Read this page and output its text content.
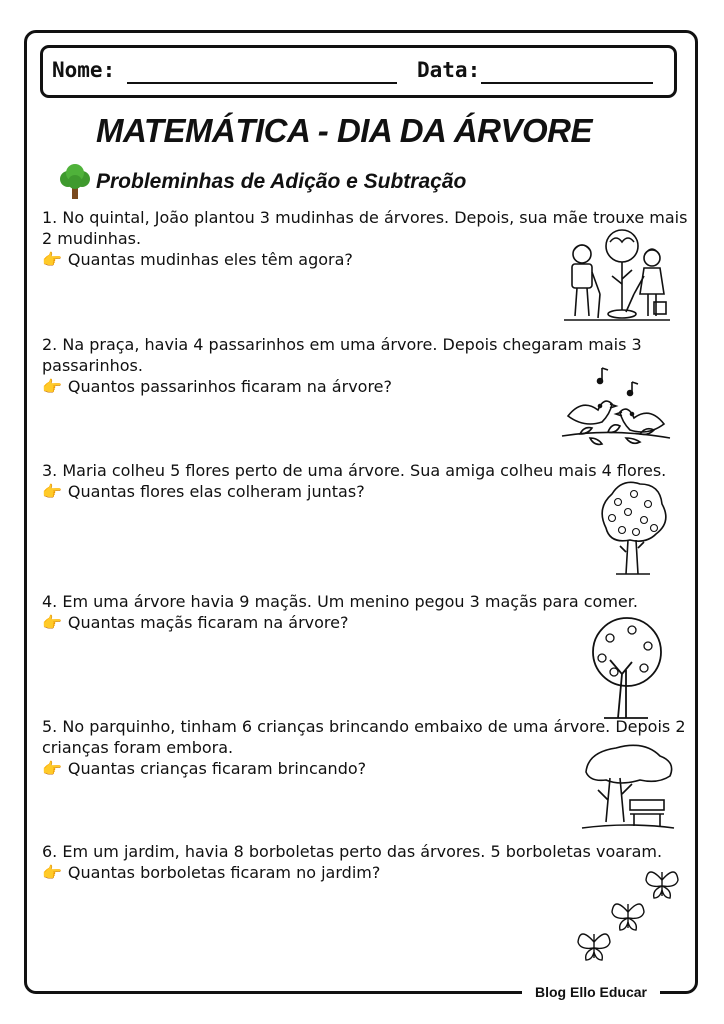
Blog Ello Educar
Nome:	Data:
MATEMÁTICA - DIA DA ÁRVORE
Probleminhas de Adição e Subtração

1. No quintal, João plantou 3 mudinhas de árvores. Depois, sua mãe trouxe mais 2 mudinhas.

👉 Quantas mudinhas eles têm agora?

2. Na praça, havia 4 passarinhos em uma árvore. Depois chegaram mais 3 passarinhos.

👉 Quantos passarinhos ficaram na árvore?

3. Maria colheu 5 flores perto de uma árvore. Sua amiga colheu mais 4 flores.

👉 Quantas flores elas colheram juntas?

4. Em uma árvore havia 9 maçãs. Um menino pegou 3 maçãs para comer.

👉 Quantas maçãs ficaram na árvore?

5. No parquinho, tinham 6 crianças brincando embaixo de uma árvore. Depois 2 crianças foram embora.

👉 Quantas crianças ficaram brincando?

6. Em um jardim, havia 8 borboletas perto das árvores. 5 borboletas voaram.

👉 Quantas borboletas ficaram no jardim?
